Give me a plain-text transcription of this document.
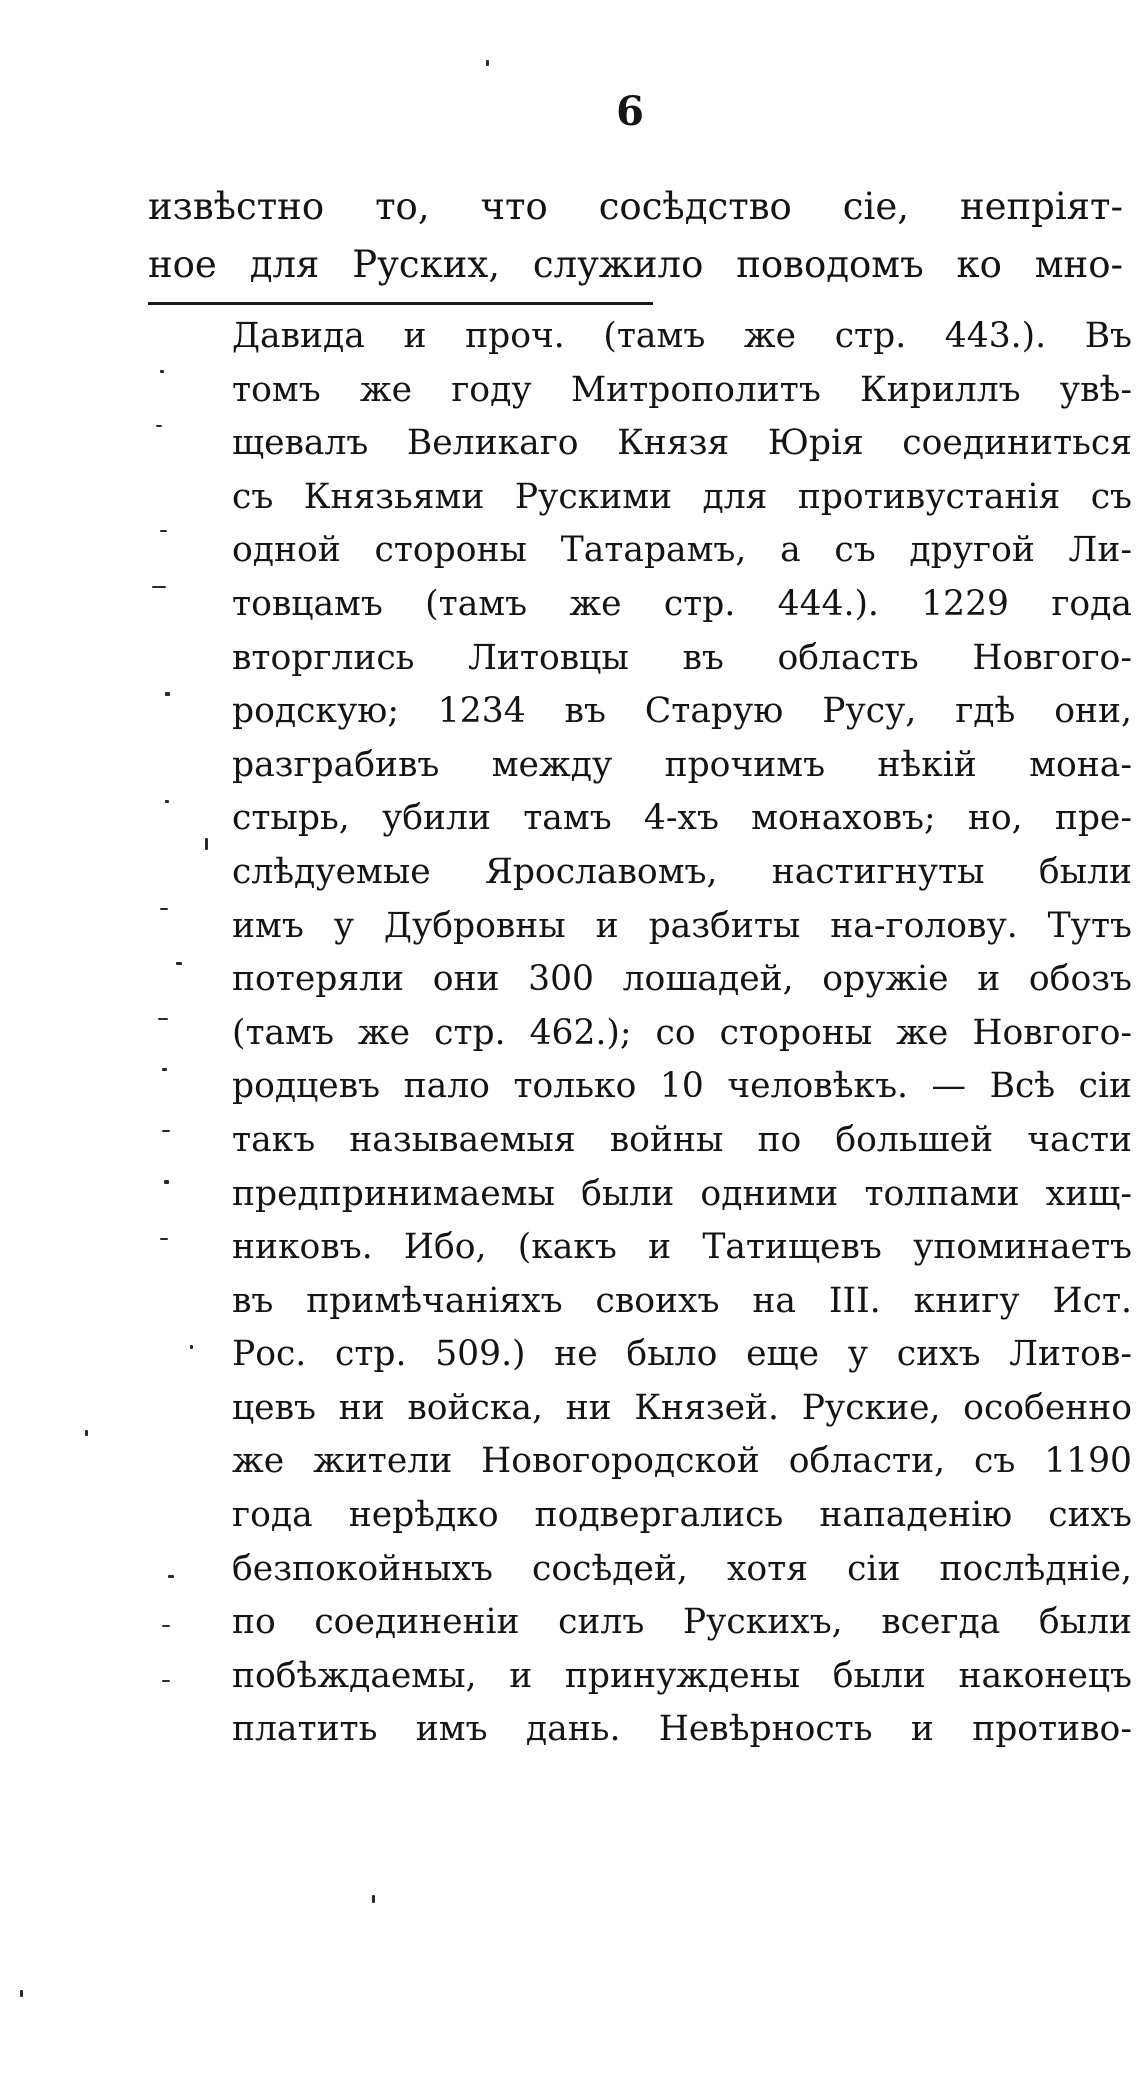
6
извѣстно то, что сосѣдство сіе, непріят-
ное для Руских, служило поводомъ ко мно-
Давида и проч. (тамъ же стр. 443.). Въ
томъ же году Митрополитъ Кириллъ увѣ-
щевалъ Великаго Князя Юрія соединиться
съ Князьями Рускими для противустанія съ
одной стороны Татарамъ, а съ другой Ли-
товцамъ (тамъ же стр. 444.). 1229 года
вторглись Литовцы въ область Новгого-
родскую; 1234 въ Старую Русу, гдѣ они,
разграбивъ между прочимъ нѣкій мона-
стырь, убили тамъ 4-хъ монаховъ; но, пре-
слѣдуемые Ярославомъ, настигнуты были
имъ у Дубровны и разбиты на-голову. Тутъ
потеряли они 300 лошадей, оружіе и обозъ
(тамъ же стр. 462.); со стороны же Новгого-
родцевъ пало только 10 человѣкъ. — Всѣ сіи
такъ называемыя войны по большей части
предпринимаемы были одними толпами хищ-
никовъ. Ибо, (какъ и Татищевъ упоминаетъ
въ примѣчаніяхъ своихъ на III. книгу Ист.
Рос. стр. 509.) не было еще у сихъ Литов-
цевъ ни войска, ни Князей. Руские, особенно
же жители Новогородской области, съ 1190
года нерѣдко подвергались нападенію сихъ
безпокойныхъ сосѣдей, хотя сіи послѣдніе,
по соединеніи силъ Рускихъ, всегда были
побѣждаемы, и принуждены были наконецъ
платить имъ дань. Невѣрность и противо-
